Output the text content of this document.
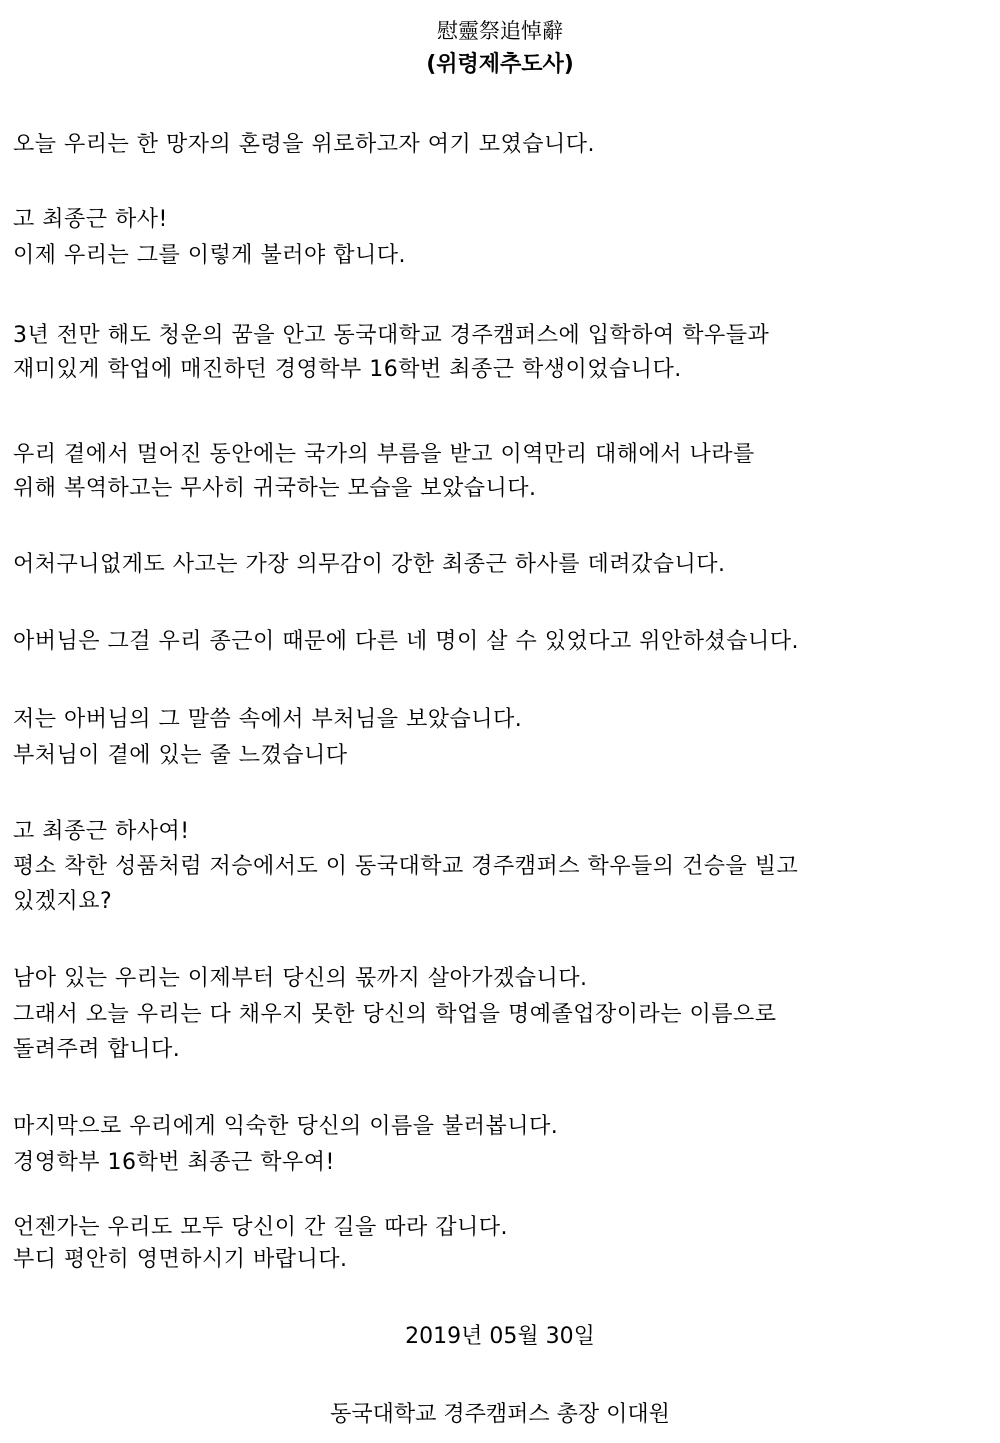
慰靈祭追悼辭
(위령제추도사)
오늘 우리는 한 망자의 혼령을 위로하고자 여기 모였습니다.
고 최종근 하사!
이제 우리는 그를 이렇게 불러야 합니다.
3년 전만 해도 청운의 꿈을 안고 동국대학교 경주캠퍼스에 입학하여 학우들과
재미있게 학업에 매진하던 경영학부 16학번 최종근 학생이었습니다.
우리 곁에서 멀어진 동안에는 국가의 부름을 받고 이역만리 대해에서 나라를
위해 복역하고는 무사히 귀국하는 모습을 보았습니다.
어처구니없게도 사고는 가장 의무감이 강한 최종근 하사를 데려갔습니다.
아버님은 그걸 우리 종근이 때문에 다른 네 명이 살 수 있었다고 위안하셨습니다.
저는 아버님의 그 말씀 속에서 부처님을 보았습니다.
부처님이 곁에 있는 줄 느꼈습니다
고 최종근 하사여!
평소 착한 성품처럼 저승에서도 이 동국대학교 경주캠퍼스 학우들의 건승을 빌고
있겠지요?
남아 있는 우리는 이제부터 당신의 몫까지 살아가겠습니다.
그래서 오늘 우리는 다 채우지 못한 당신의 학업을 명예졸업장이라는 이름으로
돌려주려 합니다.
마지막으로 우리에게 익숙한 당신의 이름을 불러봅니다.
경영학부 16학번 최종근 학우여!
언젠가는 우리도 모두 당신이 간 길을 따라 갑니다.
부디 평안히 영면하시기 바랍니다.
2019년 05월 30일
동국대학교 경주캠퍼스 총장 이대원
